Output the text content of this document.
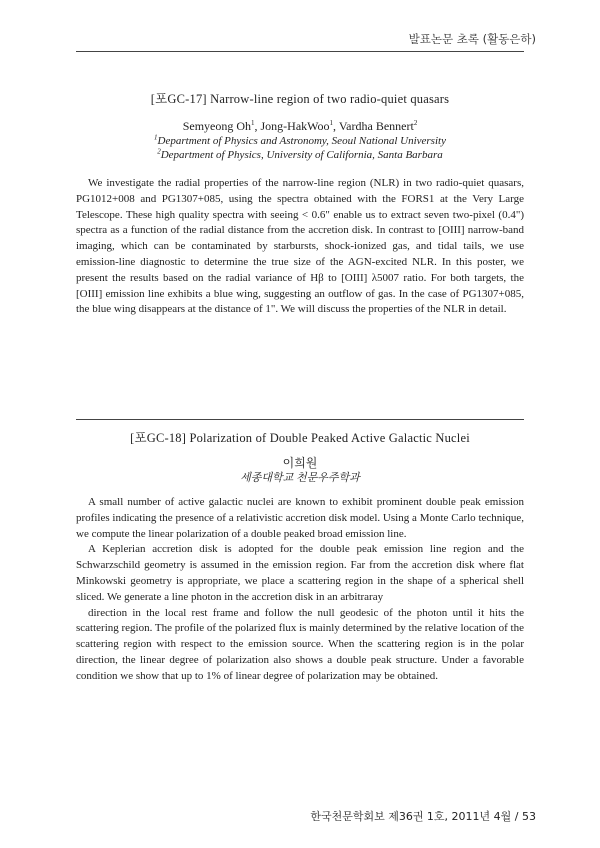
발표논문 초록 (활동은하)
[포GC-17] Narrow-line region of two radio-quiet quasars
Semyeong Oh$^1$, Jong-HakWoo$^1$, Vardha Bennert$^2$
$^1$Department of Physics and Astronomy, Seoul National University
$^2$Department of Physics, University of California, Santa Barbara

We investigate the radial properties of the narrow-line region (NLR) in two radio-quiet quasars, PG1012+008 and PG1307+085, using the spectra obtained with the FORS1 at the Very Large Telescope. These high quality spectra with seeing < 0.6" enable us to extract seven two-pixel (0.4") spectra as a function of the radial distance from the accretion disk. In contrast to [OIII] narrow-band imaging, which can be contaminated by starbursts, shock-ionized gas, and tidal tails, we use emission-line diagnostic to determine the true size of the AGN-excited NLR. In this poster, we present the results based on the radial variance of Hβ to [OIII] λ5007 ratio. For both targets, the [OIII] emission line exhibits a blue wing, suggesting an outflow of gas. In the case of PG1307+085, the blue wing disappears at the distance of 1". We will discuss the properties of the NLR in detail.

[포GC-18] Polarization of Double Peaked Active Galactic Nuclei
이희원
세종대학교 천문우주학과

A small number of active galactic nuclei are known to exhibit prominent double peak emission profiles indicating the presence of a relativistic accretion disk model. Using a Monte Carlo technique, we compute the linear polarization of a double peaked broad emission line.

A Keplerian accretion disk is adopted for the double peak emission line region and the Schwarzschild geometry is assumed in the emission region. Far from the accretion disk where flat Minkowski geometry is appropriate, we place a scattering region in the shape of a spherical shell sliced. We generate a line photon in the accretion disk in an arbitraray

direction in the local rest frame and follow the null geodesic of the photon until it hits the scattering region. The profile of the polarized flux is mainly determined by the relative location of the scattering region with respect to the emission source. When the scattering region is in the polar direction, the linear degree of polarization also shows a double peak structure. Under a favorable condition we show that up to 1% of linear degree of polarization may be obtained.

한국천문학회보 제36권 1호, 2011년 4월 / 53
